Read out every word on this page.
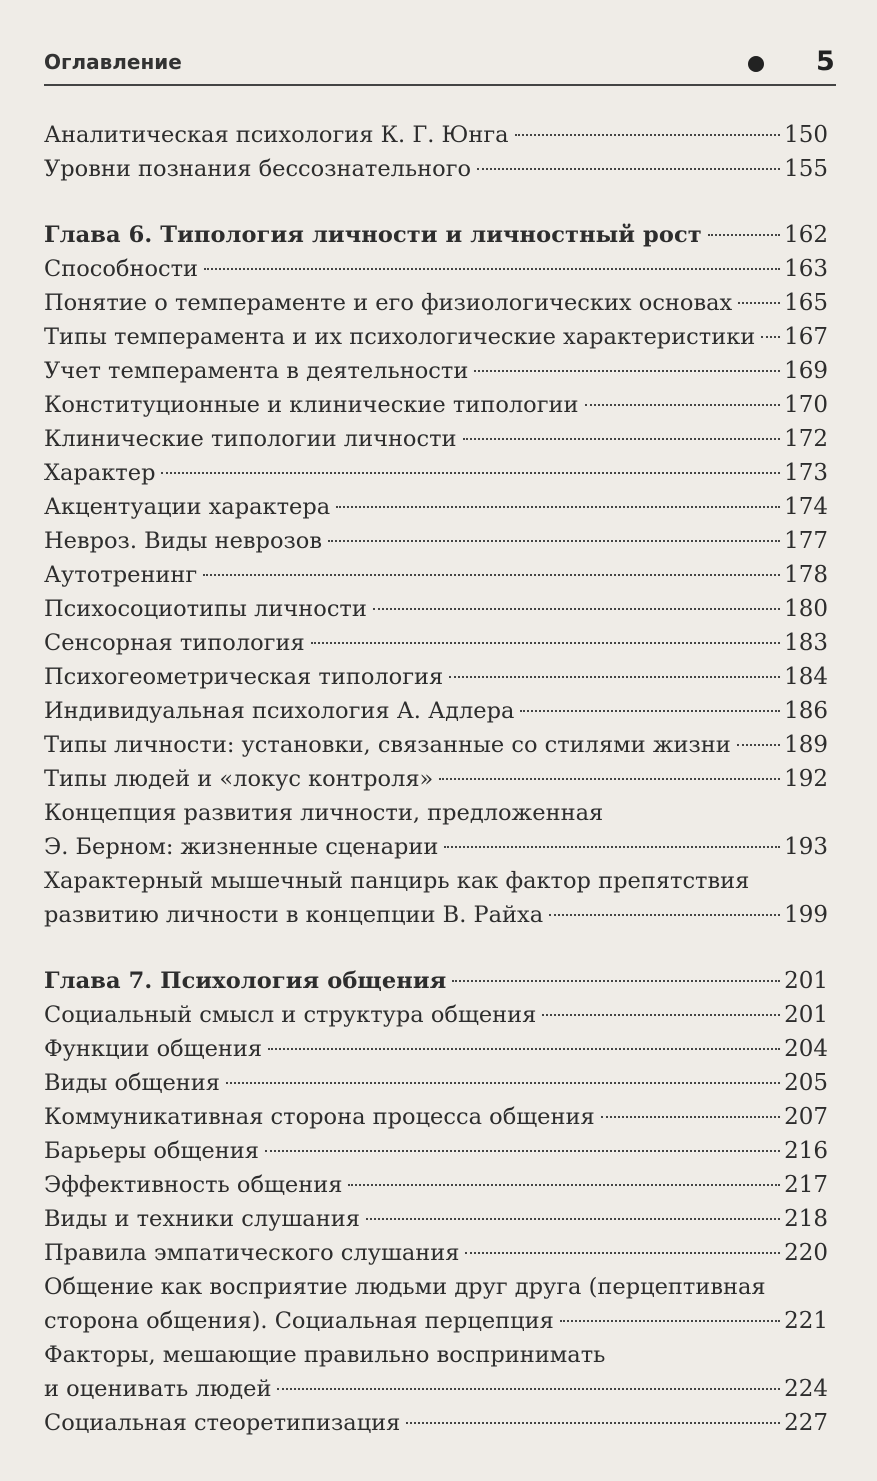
Оглавление	5
Аналитическая психология К. Г. Юнга	150
Уровни познания бессознательного	155
Глава 6. Типология личности и личностный рост	162
Способности	163
Понятие о темпераменте и его физиологических основах 165
Типы темперамента и их психологические характеристики 167
Учет темперамента в деятельности	169
Конституционные и клинические типологии	170
Клинические типологии личности	172
Характер	173
Акцентуации характера	174
Невроз. Виды неврозов	177
Аутотренинг	178
Психосоциотипы личности	180
Сенсорная типология	183
Психогеометрическая типология	184
Индивидуальная психология А. Адлера	186
Типы личности: установки, связанные со стилями жизни 189
Типы людей и «локус контроля»	192
Концепция развития личности, предложенная
Э. Берном: жизненные сценарии	193
Характерный мышечный панцирь как фактор препятствия
развитию личности в концепции В. Райха	199
Глава 7. Психология общения	201
Социальный смысл и структура общения	201
Функции общения	204
Виды общения	205
Коммуникативная сторона процесса общения	207
Барьеры общения	216
Эффективность общения	217
Виды и техники слушания	218
Правила эмпатического слушания	220
Общение как восприятие людьми друг друга (перцептивная
сторона общения). Социальная перцепция	221
Факторы, мешающие правильно воспринимать
и оценивать людей	224
Социальная стеоретипизация	227
